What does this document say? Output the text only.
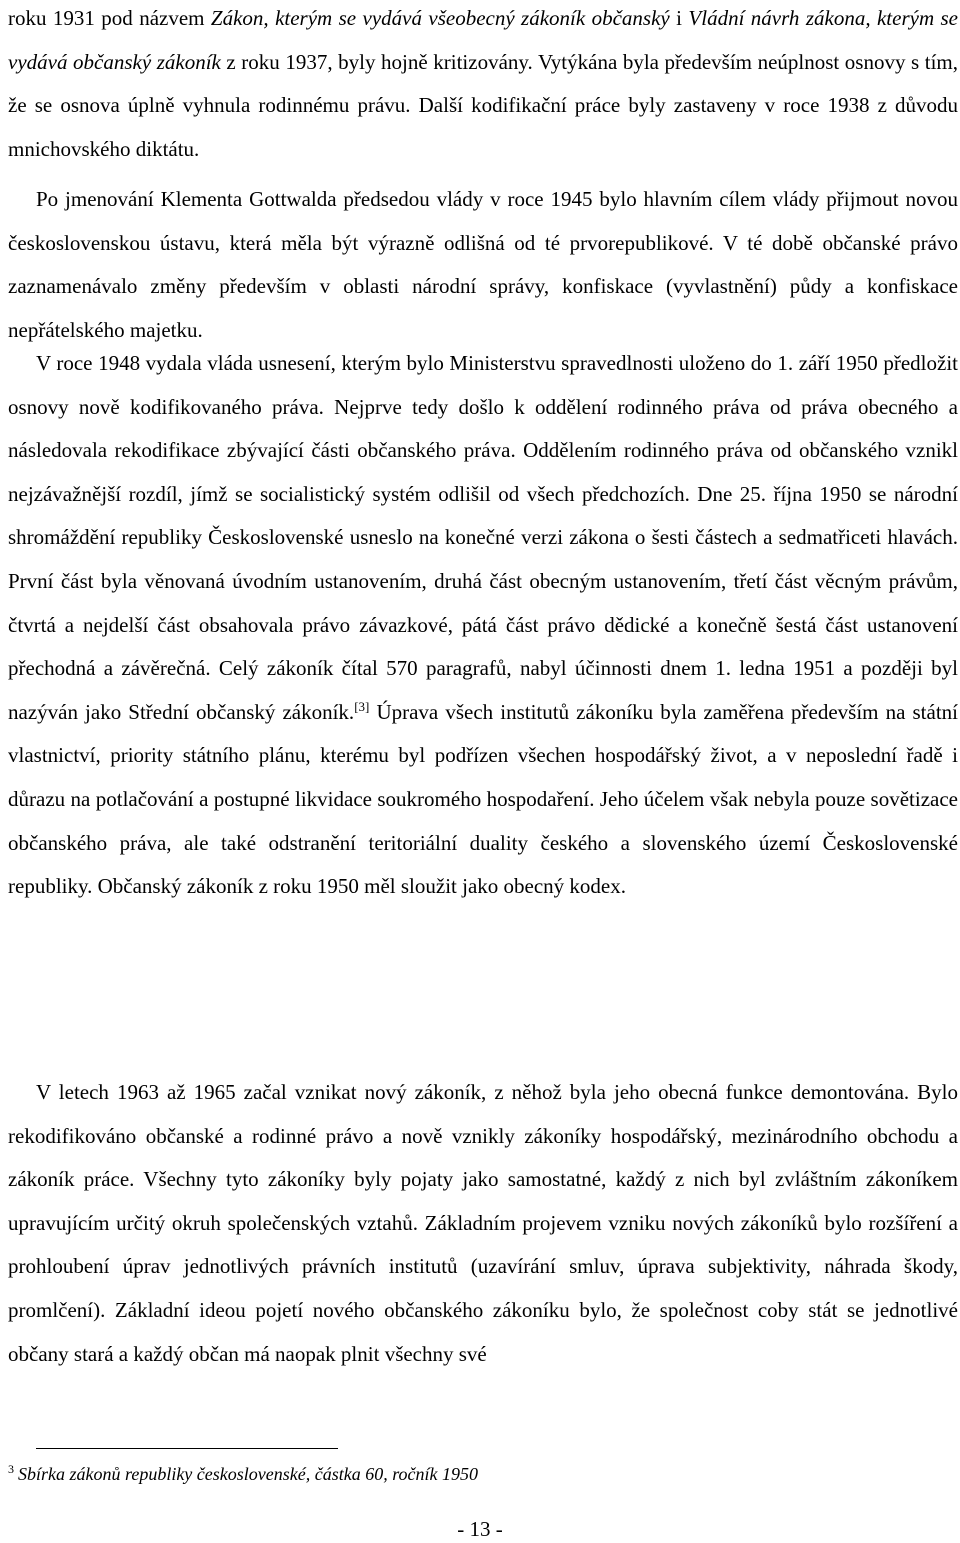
roku 1931 pod názvem Zákon, kterým se vydává všeobecný zákoník občanský i Vládní návrh zákona, kterým se vydává občanský zákoník z roku 1937, byly hojně kritizovány. Vytýkána byla především neúplnost osnovy s tím, že se osnova úplně vyhnula rodinnému právu. Další kodifikační práce byly zastaveny v roce 1938 z důvodu mnichovského diktátu.

Po jmenování Klementa Gottwalda předsedou vlády v roce 1945 bylo hlavním cílem vlády přijmout novou československou ústavu, která měla být výrazně odlišná od té prvorepublikové. V té době občanské právo zaznamenávalo změny především v oblasti národní správy, konfiskace (vyvlastnění) půdy a konfiskace nepřátelského majetku.

V roce 1948 vydala vláda usnesení, kterým bylo Ministerstvu spravedlnosti uloženo do 1. září 1950 předložit osnovy nově kodifikovaného práva. Nejprve tedy došlo k oddělení rodinného práva od práva obecného a následovala rekodifikace zbývající části občanského práva. Oddělením rodinného práva od občanského vznikl nejzávažnější rozdíl, jímž se socialistický systém odlišil od všech předchozích. Dne 25. října 1950 se národní shromáždění republiky Československé usneslo na konečné verzi zákona o šesti částech a sedmatřiceti hlavách. První část byla věnovaná úvodním ustanovením, druhá část obecným ustanovením, třetí část věcným právům, čtvrtá a nejdelší část obsahovala právo závazkové, pátá část právo dědické a konečně šestá část ustanovení přechodná a závěrečná. Celý zákoník čítal 570 paragrafů, nabyl účinnosti dnem 1. ledna 1951 a později byl nazýván jako Střední občanský zákoník.[3] Úprava všech institutů zákoníku byla zaměřena především na státní vlastnictví, priority státního plánu, kterému byl podřízen všechen hospodářský život, a v neposlední řadě i důrazu na potlačování a postupné likvidace soukromého hospodaření. Jeho účelem však nebyla pouze sovětizace občanského práva, ale také odstranění teritoriální duality českého a slovenského území Československé republiky. Občanský zákoník z roku 1950 měl sloužit jako obecný kodex.

V letech 1963 až 1965 začal vznikat nový zákoník, z něhož byla jeho obecná funkce demontována. Bylo rekodifikováno občanské a rodinné právo a nově vznikly zákoníky hospodářský, mezinárodního obchodu a zákoník práce. Všechny tyto zákoníky byly pojaty jako samostatné, každý z nich byl zvláštním zákoníkem upravujícím určitý okruh společenských vztahů. Základním projevem vzniku nových zákoníků bylo rozšíření a prohloubení úprav jednotlivých právních institutů (uzavírání smluv, úprava subjektivity, náhrada škody, promlčení). Základní ideou pojetí nového občanského zákoníku bylo, že společnost coby stát se jednotlivé občany stará a každý občan má naopak plnit všechny své

$^3$ Sbírka zákonů republiky československé, částka 60, ročník 1950
- 13 -
